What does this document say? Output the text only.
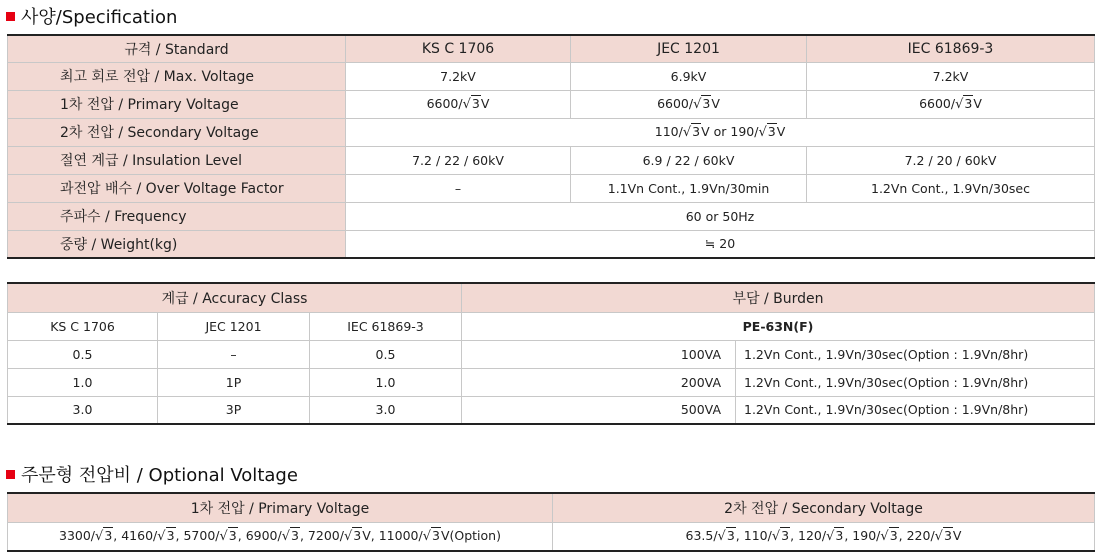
사양/Specification
규격 / Standard	KS C 1706	JEC 1201	IEC 61869-3
최고 회로 전압 / Max. Voltage	7.2kV	6.9kV	7.2kV
1차 전압 / Primary Voltage	6600/√3V	6600/√3V	6600/√3V
2차 전압 / Secondary Voltage	110/√3V or 190/√3V		
절연 계급 / Insulation Level	7.2 / 22 / 60kV	6.9 / 22 / 60kV	7.2 / 20 / 60kV
과전압 배수 / Over Voltage Factor	–	1.1Vn Cont., 1.9Vn/30min	1.2Vn Cont., 1.9Vn/30sec
주파수 / Frequency	60 or 50Hz		
중량 / Weight(kg)	≒ 20		
계급 / Accuracy Class			부담 / Burden	
KS C 1706	JEC 1201	IEC 61869-3	PE-63N(F)	
0.5	–	0.5	100VA	1.2Vn Cont., 1.9Vn/30sec(Option : 1.9Vn/8hr)
1.0	1P	1.0	200VA	1.2Vn Cont., 1.9Vn/30sec(Option : 1.9Vn/8hr)
3.0	3P	3.0	500VA	1.2Vn Cont., 1.9Vn/30sec(Option : 1.9Vn/8hr)
주문형 전압비 / Optional Voltage
1차 전압 / Primary Voltage	2차 전압 / Secondary Voltage
3300/√3, 4160/√3, 5700/√3, 6900/√3, 7200/√3V, 11000/√3V(Option)	63.5/√3, 110/√3, 120/√3, 190/√3, 220/√3V
